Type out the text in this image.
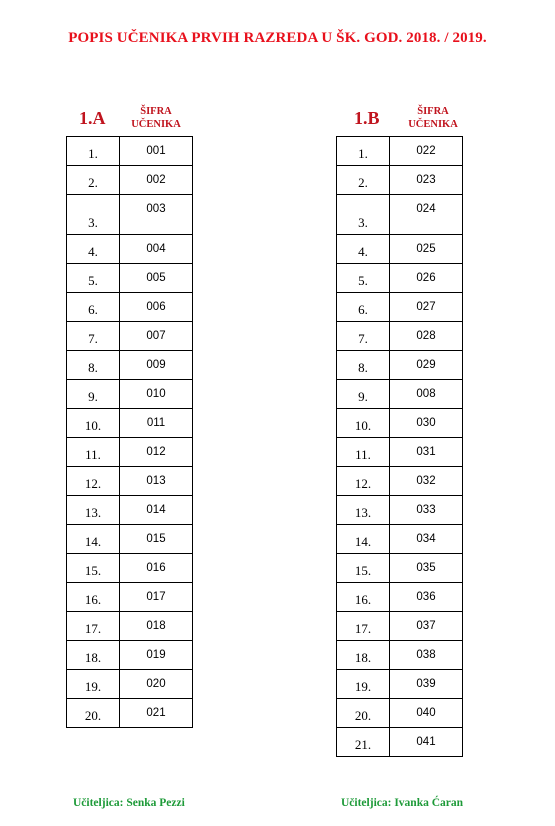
POPIS UČENIKA PRVIH RAZREDA U ŠK. GOD. 2018. / 2019.
1.A	ŠIFRA
UČENIKA
1.	001
2.	002
3.	003
4.	004
5.	005
6.	006
7.	007
8.	009
9.	010
10.	011
11.	012
12.	013
13.	014
14.	015
15.	016
16.	017
17.	018
18.	019
19.	020
20.	021
Učiteljica: Senka Pezzi
1.B	ŠIFRA
UČENIKA
1.	022
2.	023
3.	024
4.	025
5.	026
6.	027
7.	028
8.	029
9.	008
10.	030
11.	031
12.	032
13.	033
14.	034
15.	035
16.	036
17.	037
18.	038
19.	039
20.	040
21.	041
Učiteljica: Ivanka Ćaran
